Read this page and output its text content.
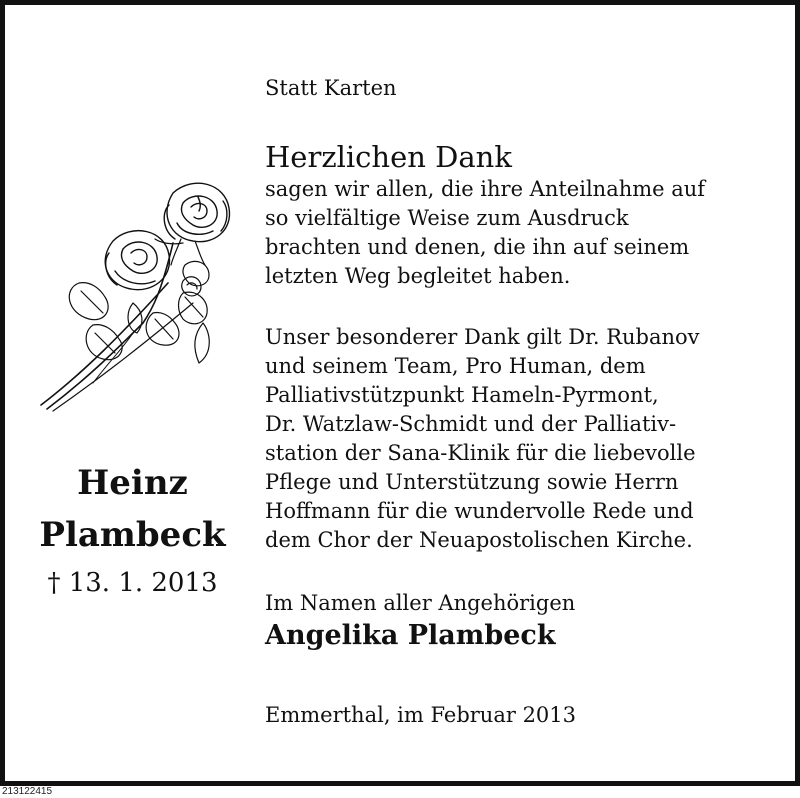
Heinz
Plambeck
† 13. 1. 2013
Statt Karten
Herzlichen Dank
sagen wir allen, die ihre Anteilnahme auf
so vielfältige Weise zum Ausdruck
brachten und denen, die ihn auf seinem
letzten Weg begleitet haben.
Unser besonderer Dank gilt Dr. Rubanov
und seinem Team, Pro Human, dem
Palliativstützpunkt Hameln-Pyrmont,
Dr. Watzlaw-Schmidt und der Palliativ-
station der Sana-Klinik für die liebevolle
Pflege und Unterstützung sowie Herrn
Hoffmann für die wundervolle Rede und
dem Chor der Neuapostolischen Kirche.
Im Namen aller Angehörigen
Angelika Plambeck
Emmerthal, im Februar 2013
213122415
